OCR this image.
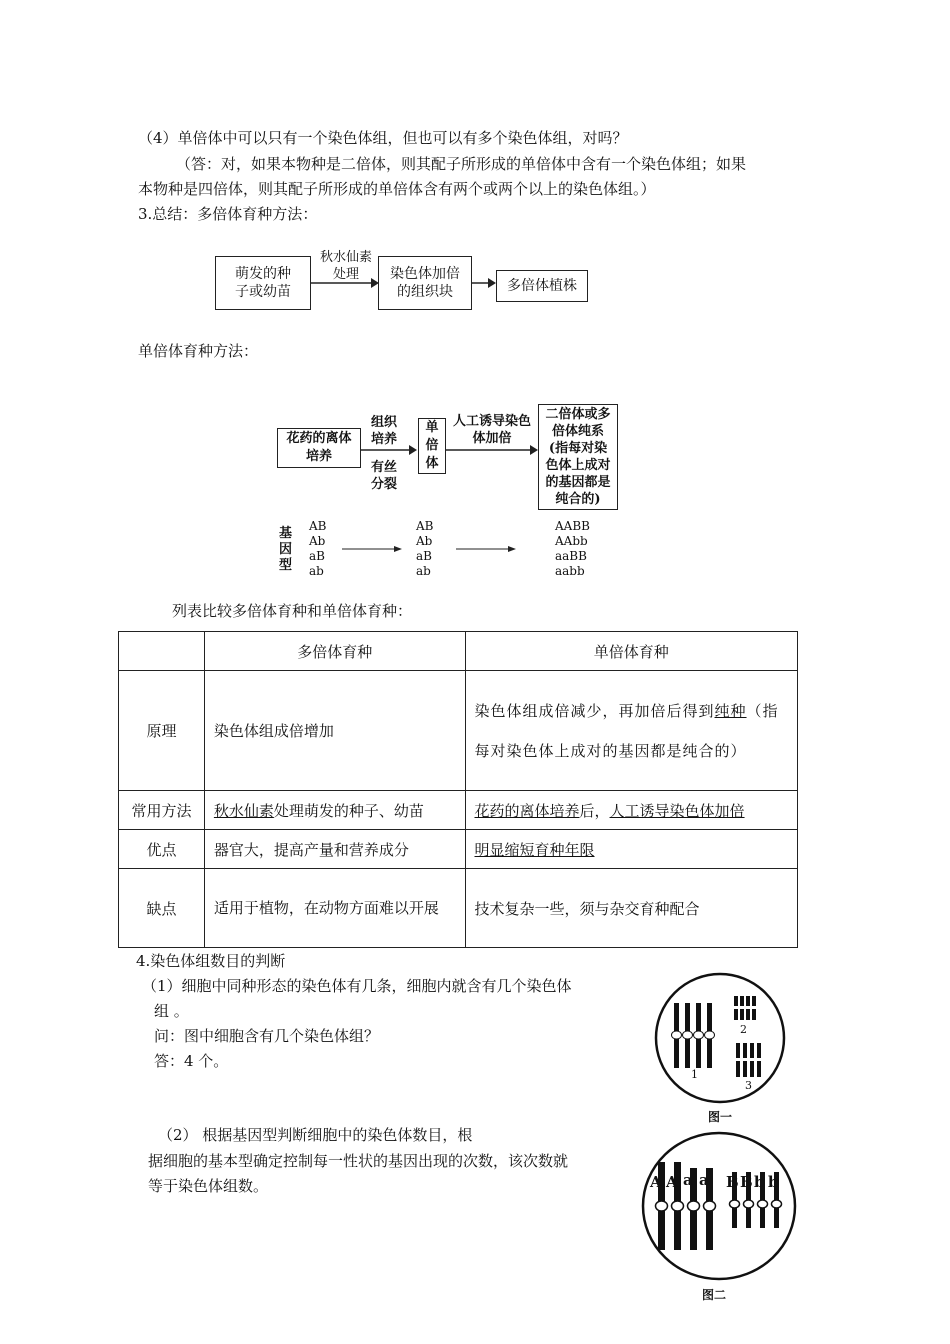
（4）单倍体中可以只有一个染色体组，但也可以有多个染色体组，对吗？
（答：对，如果本物种是二倍体，则其配子所形成的单倍体中含有一个染色体组；如果
本物种是四倍体，则其配子所形成的单倍体含有两个或两个以上的染色体组。）
3.总结：多倍体育种方法：
萌发的种子或幼苗
秋水仙素处理	染色体加倍的组织块	多倍体植株
单倍体育种方法：
花药的离体培养
组织培养
有丝分裂
单倍体
人工诱导染色体加倍
二倍体或多倍体纯系(指每对染色体上成对的基因都是纯合的)
基因型
AB
Ab
aB
ab
AB
Ab
aB
ab
AABB
AAbb
aaBB
aabb
列表比较多倍体育种和单倍体育种：
	多倍体育种	单倍体育种
原理	染色体组成倍增加	染色体组成倍减少，再加倍后得到纯种（指每对染色体上成对的基因都是纯合的）
常用方法	秋水仙素处理萌发的种子、幼苗	花药的离体培养后，人工诱导染色体加倍
优点	器官大，提高产量和营养成分	明显缩短育种年限
缺点	适用于植物，在动物方面难以开展	技术复杂一些，须与杂交育种配合
4.染色体组数目的判断
（1）细胞中同种形态的染色体有几条，细胞内就含有几个染色体
组 。
问：图中细胞含有几个染色体组？
答：4 个。
（2） 根据基因型判断细胞中的染色体数目，根
据细胞的基本型确定控制每一性状的基因出现的次数，该次数就
等于染色体组数。
1
2
3
图一
A A a a B B b b
图二
